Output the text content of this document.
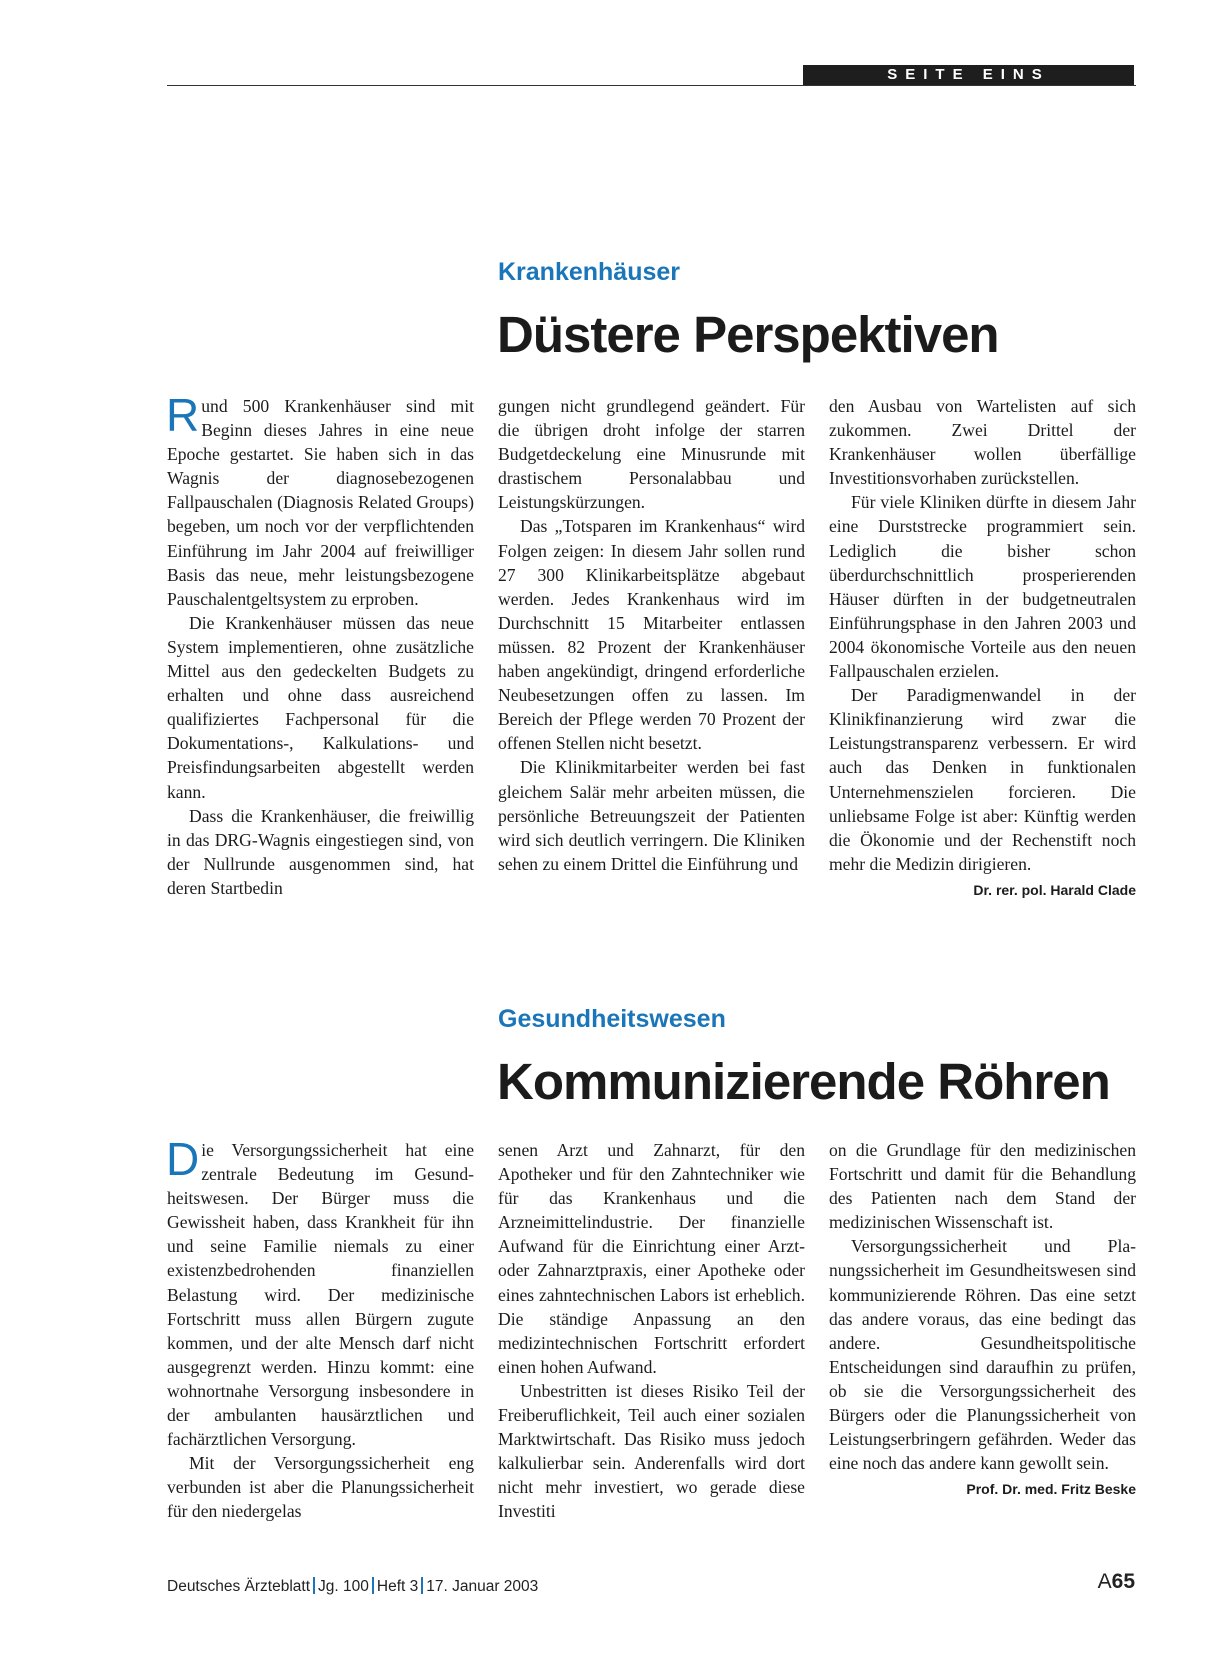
SEITE EINS
Krankenhäuser
Düstere Perspektiven

Rund 500 Krankenhäuser sind mit Beginn dieses Jahres in eine neue Epoche gestartet. Sie haben sich in das Wagnis der diagnosebezogenen Fallpauschalen (Diagnosis Related Groups) begeben, um noch vor der verpflichtenden Einführung im Jahr 2004 auf freiwilliger Basis das neue, mehr leistungsbezogene Pauschalentgeltsystem zu erproben.

Die Krankenhäuser müssen das neue System implementieren, ohne zusätzliche Mittel aus den gedeckelten Budgets zu erhalten und ohne dass ausreichend qualifiziertes Fachpersonal für die Dokumentations-, Kalkulations- und Preisfindungsarbeiten abgestellt werden kann.

Dass die Krankenhäuser, die freiwillig in das DRG-Wagnis eingestiegen sind, von der Nullrunde ausgenommen sind, hat deren Startbedin

gungen nicht grundlegend geändert. Für die übrigen droht infolge der starren Budgetdeckelung eine Minusrunde mit drastischem Personalabbau und Leistungskürzungen.

Das „Totsparen im Krankenhaus“ wird Folgen zeigen: In diesem Jahr sollen rund 27 300 Klinikarbeitsplätze abgebaut werden. Jedes Krankenhaus wird im Durchschnitt 15 Mitarbeiter entlassen müssen. 82 Prozent der Krankenhäuser haben angekündigt, dringend erforderliche Neubesetzungen offen zu lassen. Im Bereich der Pflege werden 70 Prozent der offenen Stellen nicht besetzt.

Die Klinikmitarbeiter werden bei fast gleichem Salär mehr arbeiten müssen, die persönliche Betreuungszeit der Patienten wird sich deutlich verringern. Die Kliniken sehen zu einem Drittel die Einführung und

den Ausbau von Wartelisten auf sich zukommen. Zwei Drittel der Krankenhäuser wollen überfällige Investitionsvorhaben zurückstellen.

Für viele Kliniken dürfte in diesem Jahr eine Durststrecke programmiert sein. Lediglich die bisher schon überdurchschnittlich prosperierenden Häuser dürften in der budgetneutralen Einführungsphase in den Jahren 2003 und 2004 ökonomische Vorteile aus den neuen Fallpauschalen erzielen.

Der Paradigmenwandel in der Klinikfinanzierung wird zwar die Leistungstransparenz verbessern. Er wird auch das Denken in funktionalen Unternehmenszielen forcieren. Die unliebsame Folge ist aber: Künftig werden die Ökonomie und der Rechenstift noch mehr die Medizin dirigieren.
Dr. rer. pol. Harald Clade

Gesundheitswesen
Kommunizierende Röhren

Die Versorgungssicherheit hat eine zentrale Bedeutung im Gesundheitswesen. Der Bürger muss die Gewissheit haben, dass Krankheit für ihn und seine Familie niemals zu einer existenzbedrohenden finanziellen Belastung wird. Der medizinische Fortschritt muss allen Bürgern zugute kommen, und der alte Mensch darf nicht ausgegrenzt werden. Hinzu kommt: eine wohnortnahe Versorgung insbesondere in der ambulanten hausärztlichen und fachärztlichen Versorgung.

Mit der Versorgungssicherheit eng verbunden ist aber die Planungssicherheit für den niedergelas

senen Arzt und Zahnarzt, für den Apotheker und für den Zahntechniker wie für das Krankenhaus und die Arzneimittelindustrie. Der finanzielle Aufwand für die Einrichtung einer Arzt- oder Zahnarztpraxis, einer Apotheke oder eines zahntechnischen Labors ist erheblich. Die ständige Anpassung an den medizintechnischen Fortschritt erfordert einen hohen Aufwand.

Unbestritten ist dieses Risiko Teil der Freiberuflichkeit, Teil auch einer sozialen Marktwirtschaft. Das Risiko muss jedoch kalkulierbar sein. Anderenfalls wird dort nicht mehr investiert, wo gerade diese Investiti

on die Grundlage für den medizinischen Fortschritt und damit für die Behandlung des Patienten nach dem Stand der medizinischen Wissenschaft ist.

Versorgungssicherheit und Planungssicherheit im Gesundheitswesen sind kommunizierende Röhren. Das eine setzt das andere voraus, das eine bedingt das andere. Gesundheitspolitische Entscheidungen sind daraufhin zu prüfen, ob sie die Versorgungssicherheit des Bürgers oder die Planungssicherheit von Leistungserbringern gefährden. Weder das eine noch das andere kann gewollt sein.
Prof. Dr. med. Fritz Beske

Deutsches Ärzteblatt Jg. 100 Heft 3 17. Januar 2003	A65
